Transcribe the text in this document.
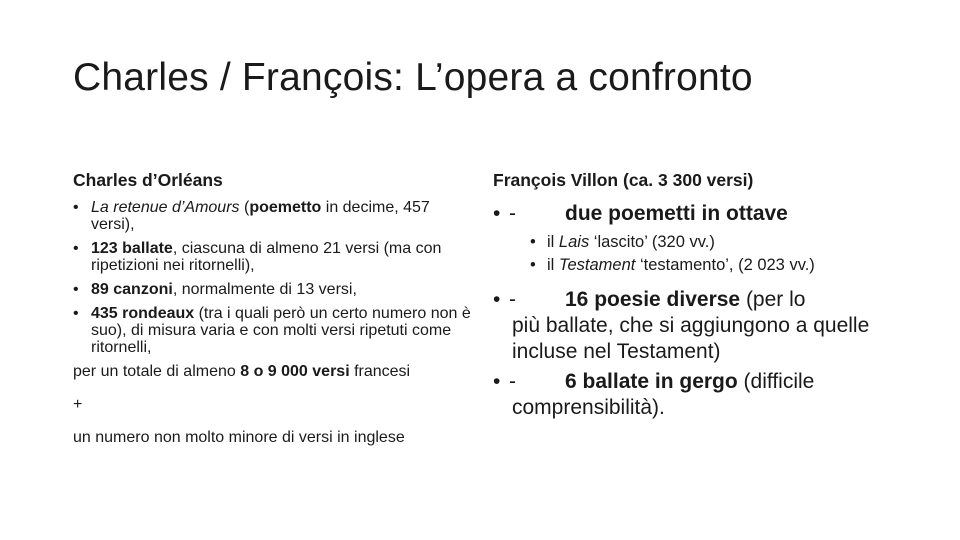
Charles / François: L’opera a confronto
Charles d’Orléans	François Villon (ca. 3 300 versi)
• La retenue d’Amours (poemetto in decime, 457 versi),
• 123 ballate, ciascuna di almeno 21 versi (ma con ripetizioni nei ritornelli),
• 89 canzoni, normalmente di 13 versi,
• 435 rondeaux (tra i quali però un certo numero non è suo), di misura varia e con molti versi ripetuti come ritornelli,
per un totale di almeno 8 o 9 000 versi francesi
+
un numero non molto minore di versi in inglese
• -	due poemetti in ottave
• il Lais ‘lascito’ (320 vv.)
• il Testament ‘testamento’, (2 023 vv.)
• -	16 poesie diverse (per lo
più ballate, che si aggiungono a quelle incluse nel Testament)
• -	6 ballate in gergo (difficile
comprensibilità).
